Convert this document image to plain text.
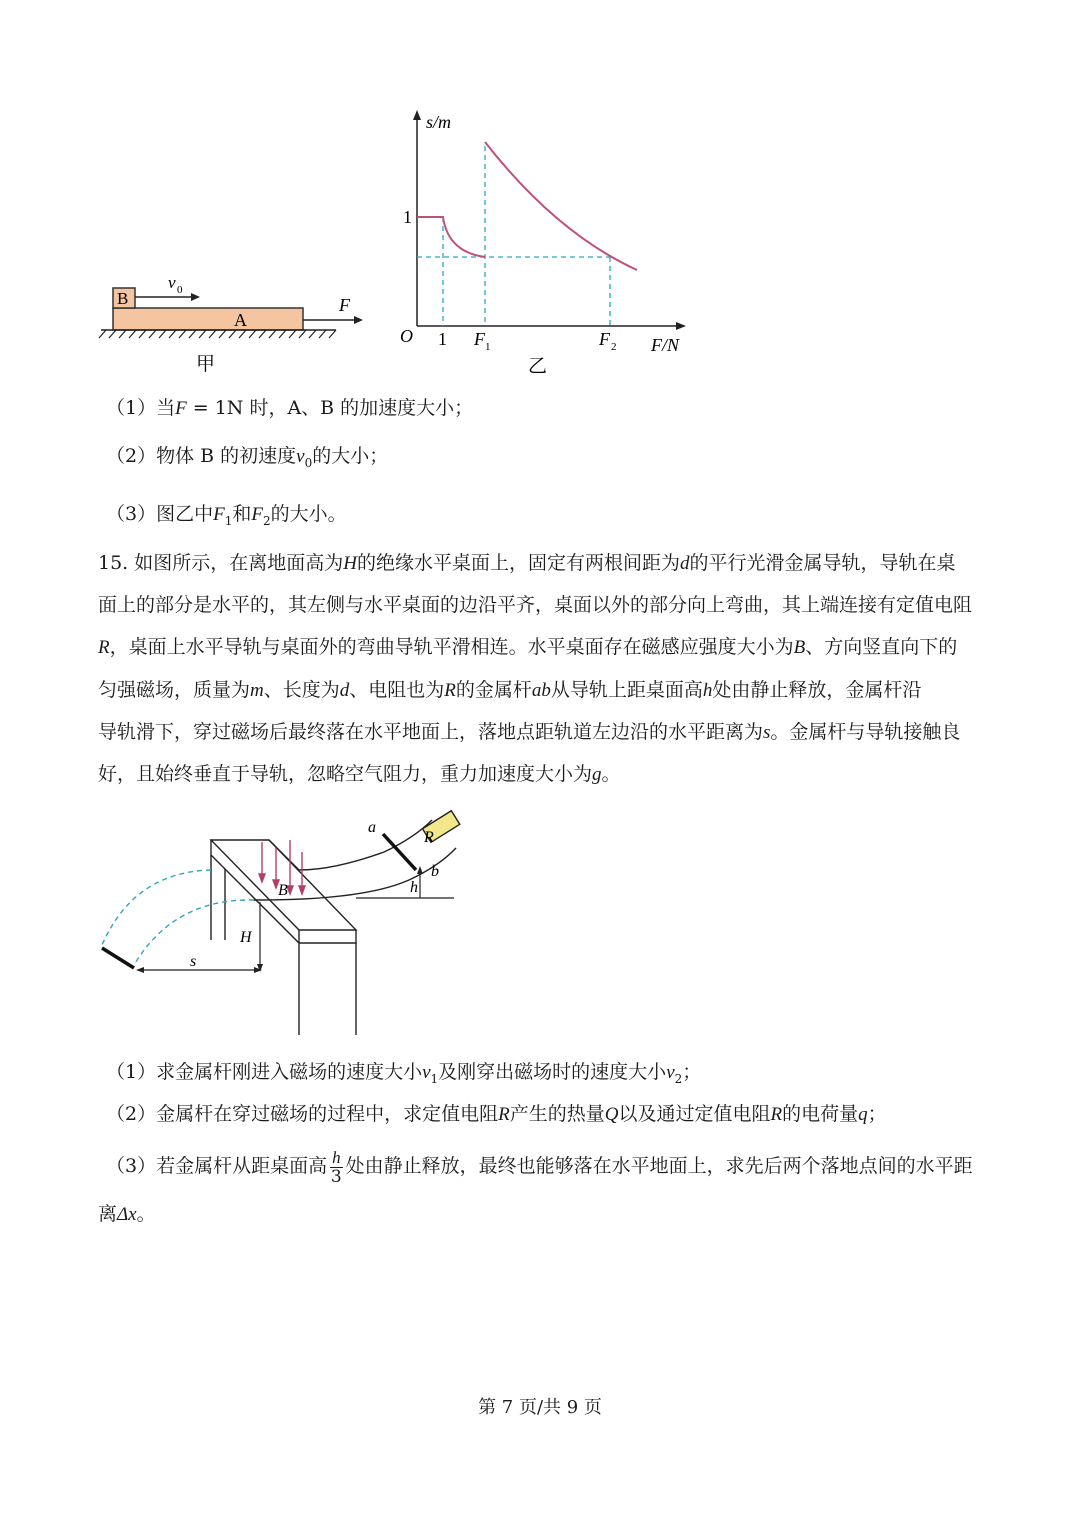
A
B
v 0
F
甲
s/m
F/N
O
1
1 F 1	F 2
乙
（1）当F = 1N 时，A、B 的加速度大小；
（2）物体 B 的初速度$v_0$的大小；
（3）图乙中$F_1$和$F_2$的大小。
15. 如图所示，在离地面高为H的绝缘水平桌面上，固定有两根间距为d的平行光滑金属导轨，导轨在桌
面上的部分是水平的，其左侧与水平桌面的边沿平齐，桌面以外的部分向上弯曲，其上端连接有定值电阻
R，桌面上水平导轨与桌面外的弯曲导轨平滑相连。水平桌面存在磁感应强度大小为B、方向竖直向下的
匀强磁场，质量为m、长度为d、电阻也为R的金属杆ab从导轨上距桌面高h处由静止释放，金属杆沿
导轨滑下，穿过磁场后最终落在水平地面上，落地点距轨道左边沿的水平距离为s。金属杆与导轨接触良
好，且始终垂直于导轨，忽略空气阻力，重力加速度大小为g。
R
a
b
h
B
H
s
（1）求金属杆刚进入磁场的速度大小$v_1$及刚穿出磁场时的速度大小$v_2$；
（2）金属杆在穿过磁场的过程中，求定值电阻R产生的热量Q以及通过定值电阻R的电荷量q；
（3）若金属杆从距桌面高 $\frac{h}{3}$ 处由静止释放，最终也能够落在水平地面上，求先后两个落地点间的水平距
离Δx。
第 7 页/共 9 页
